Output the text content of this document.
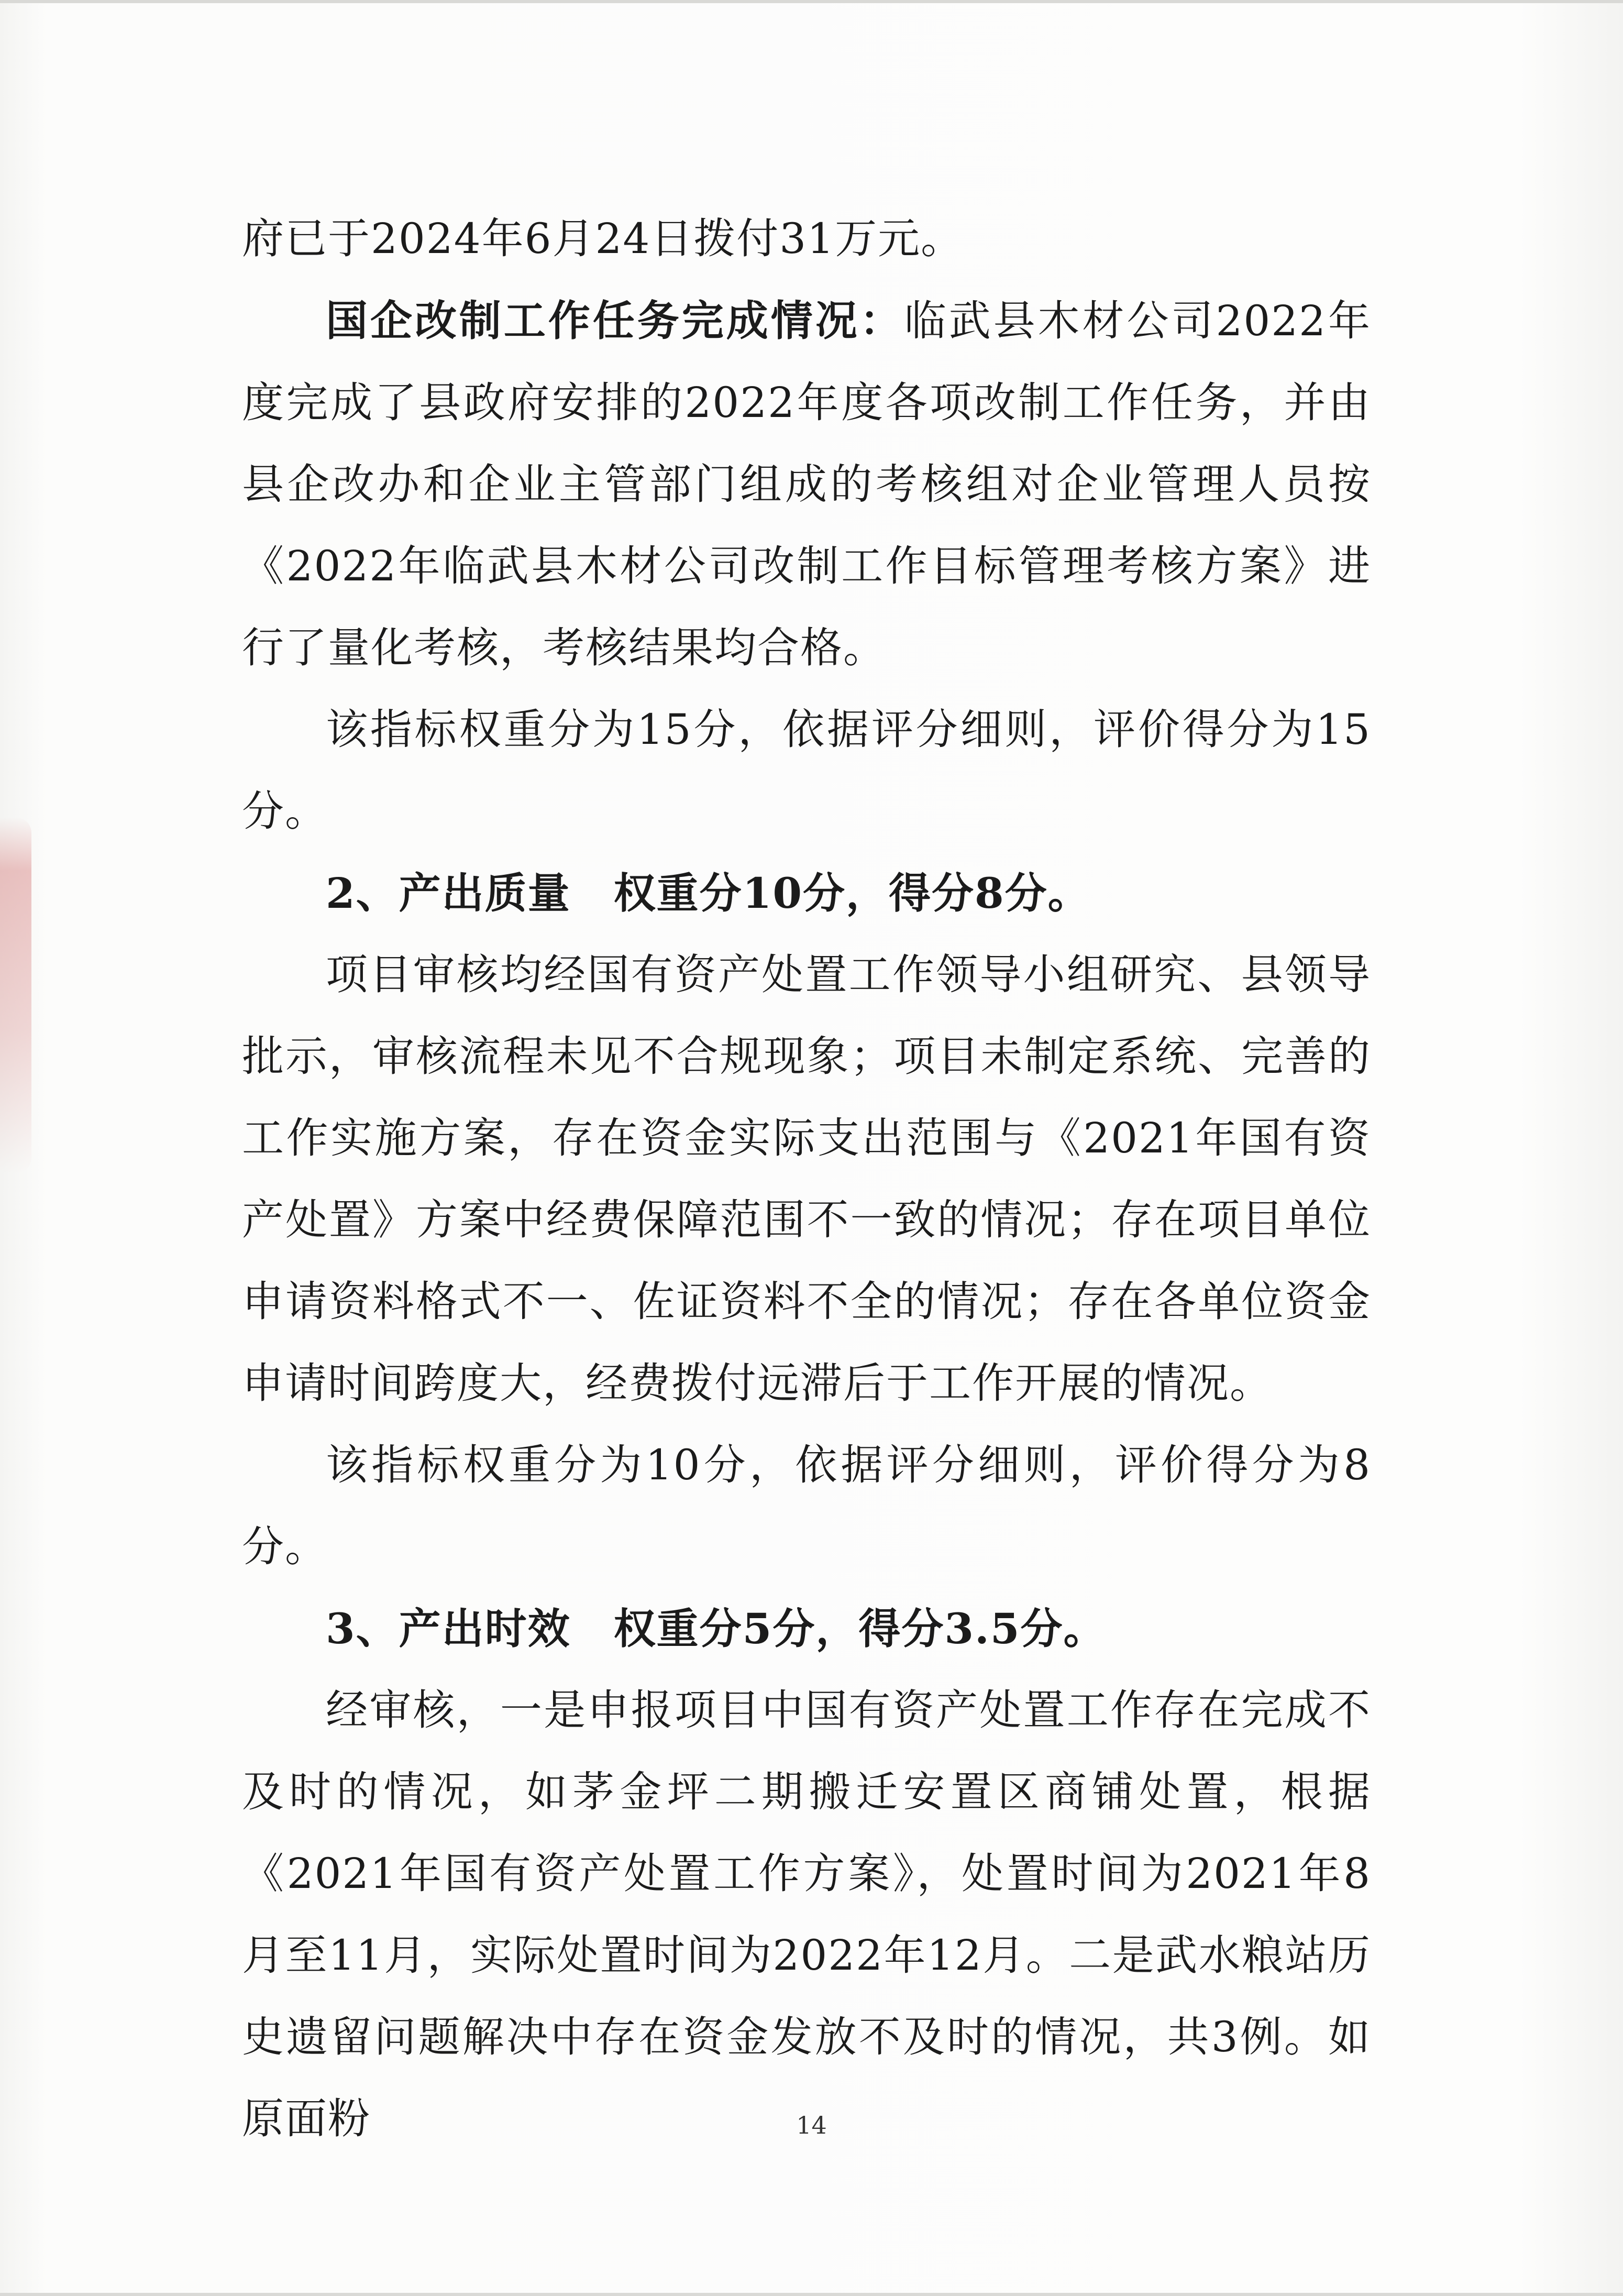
府已于2024年6月24日拨付31万元。

国企改制工作任务完成情况：临武县木材公司2022年度完成了县政府安排的2022年度各项改制工作任务，并由县企改办和企业主管部门组成的考核组对企业管理人员按《2022年临武县木材公司改制工作目标管理考核方案》进行了量化考核，考核结果均合格。

该指标权重分为15分，依据评分细则，评价得分为15分。

2、产出质量　权重分10分，得分8分。

项目审核均经国有资产处置工作领导小组研究、县领导批示，审核流程未见不合规现象；项目未制定系统、完善的工作实施方案，存在资金实际支出范围与《2021年国有资产处置》方案中经费保障范围不一致的情况；存在项目单位申请资料格式不一、佐证资料不全的情况；存在各单位资金申请时间跨度大，经费拨付远滞后于工作开展的情况。

该指标权重分为10分，依据评分细则，评价得分为8分。

3、产出时效　权重分5分，得分3.5分。

经审核，一是申报项目中国有资产处置工作存在完成不及时的情况，如茅金坪二期搬迁安置区商铺处置，根据《2021年国有资产处置工作方案》，处置时间为2021年8月至11月，实际处置时间为2022年12月。二是武水粮站历史遗留问题解决中存在资金发放不及时的情况，共3例。如原面粉	14
